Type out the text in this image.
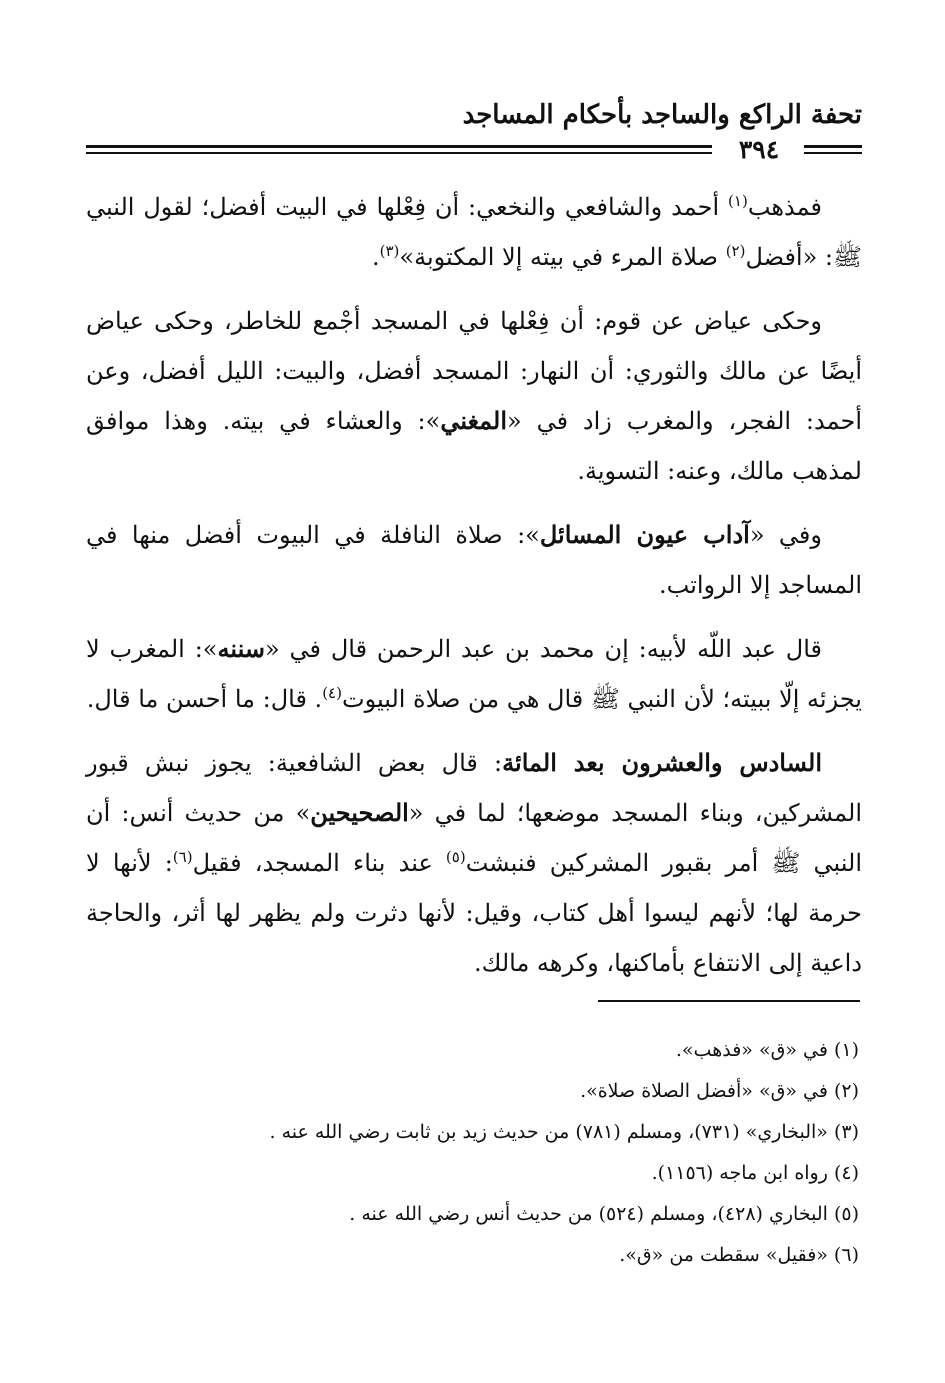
تحفة الراكع والساجد بأحكام المساجد
٣٩٤

فمذهب$^{(١)}$ أحمد والشافعي والنخعي: أن فِعْلها في البيت أفضل؛ لقول النبي ﷺ: «أفضل$^{(٢)}$ صلاة المرء في بيته إلا المكتوبة»$^{(٣)}$.

وحكى عياض عن قوم: أن فِعْلها في المسجد أجْمع للخاطر، وحكى عياض أيضًا عن مالك والثوري: أن النهار: المسجد أفضل، والبيت: الليل أفضل، وعن أحمد: الفجر، والمغرب زاد في «المغني»: والعشاء في بيته. وهذا موافق لمذهب مالك، وعنه: التسوية.

وفي «آداب عيون المسائل»: صلاة النافلة في البيوت أفضل منها في المساجد إلا الرواتب.

قال عبد اللّه لأبيه: إن محمد بن عبد الرحمن قال في «سننه»: المغرب لا يجزئه إلّا ببيته؛ لأن النبي ﷺ قال هي من صلاة البيوت$^{(٤)}$. قال: ما أحسن ما قال.

السادس والعشرون بعد المائة: قال بعض الشافعية: يجوز نبش قبور المشركين، وبناء المسجد موضعها؛ لما في «الصحيحين» من حديث أنس: أن النبي ﷺ أمر بقبور المشركين فنبشت$^{(٥)}$ عند بناء المسجد، فقيل$^{(٦)}$: لأنها لا حرمة لها؛ لأنهم ليسوا أهل كتاب، وقيل: لأنها دثرت ولم يظهر لها أثر، والحاجة داعية إلى الانتفاع بأماكنها، وكرهه مالك.

(١) في «ق» «فذهب».
(٢) في «ق» «أفضل الصلاة صلاة».
(٣) «البخاري» (٧٣١)، ومسلم (٧٨١) من حديث زيد بن ثابت رضي الله عنه .
(٤) رواه ابن ماجه (١١٥٦).
(٥) البخاري (٤٢٨)، ومسلم (٥٢٤) من حديث أنس رضي الله عنه .
(٦) «فقيل» سقطت من «ق».
